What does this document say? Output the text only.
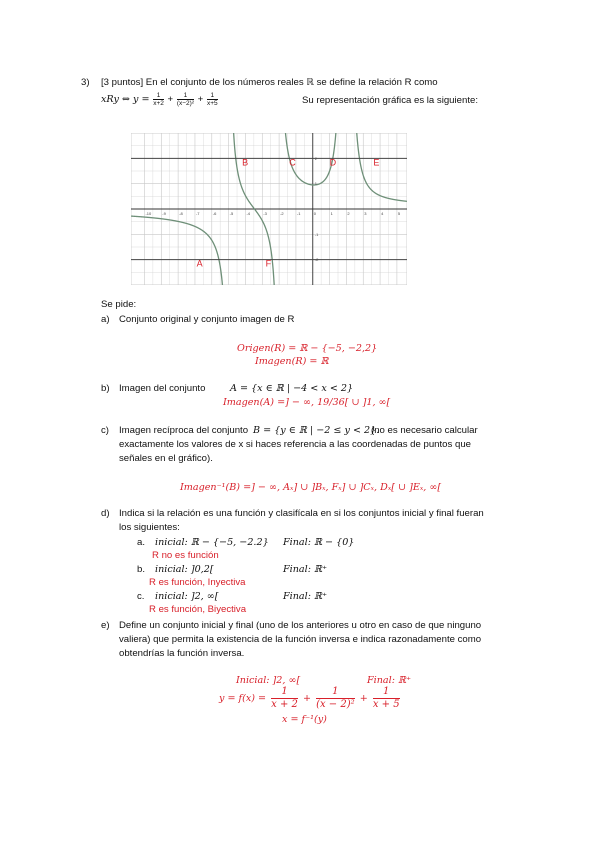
3) [3 puntos] En el conjunto de los números reales ℝ se define la relación R como
xRy ⇔ $y = \frac{1}{x+2} + \frac{1}{\text{(x−2)²}} + \frac{1}{x+5}$	Su representación gráfica es la siguiente:
-10	-9	-8	-7	-6	-5	-4	-3	-2	-1	0	1	2	3	4	5
-2
-1
1
2
A
B	C	D	E
F
Se pide:
a) Conjunto original y conjunto imagen de R
Origen(R) = ℝ − {−5, −2,2}
Imagen(R) = ℝ
b) Imagen del conjunto	A = {x ∈ ℝ | −4 < x < 2}
Imagen(A) =] − ∞, 19/36[ ∪ ]1, ∞[
c) Imagen recíproca del conjunto B = {y ∈ ℝ | −2 ≤ y < 2}.
(no es necesario calcular
exactamente los valores de x si haces referencia a las coordenadas de puntos que
señales en el gráfico).
Imagen⁻¹(B) =] − ∞, Aₓ] ∪ ]Bₓ, Fₓ] ∪ ]Cₓ, Dₓ[ ∪ ]Eₓ, ∞[
d) Indica si la relación es una función y clasifícala en si los conjuntos inicial y final fueran
los siguientes:
a. inicial: ℝ − {−5, −2.2} Final: ℝ − {0}
R no es función
b. inicial: ]0,2[	Final: ℝ⁺
R es función, Inyectiva
c. inicial: ]2, ∞[	Final: ℝ⁺
R es función, Biyectiva
e) Define un conjunto inicial y final (uno de los anteriores u otro en caso de que ninguno
valiera) que permita la existencia de la función inversa e indica razonadamente como
obtendrías la función inversa.
Inicial: ]2, ∞[	Final: ℝ⁺
$y = f(x) = \frac{1}{x + 2} + \frac{1}{\text{(x − 2)²}} + \frac{1}{x + 5}$
x = f⁻¹(y)
